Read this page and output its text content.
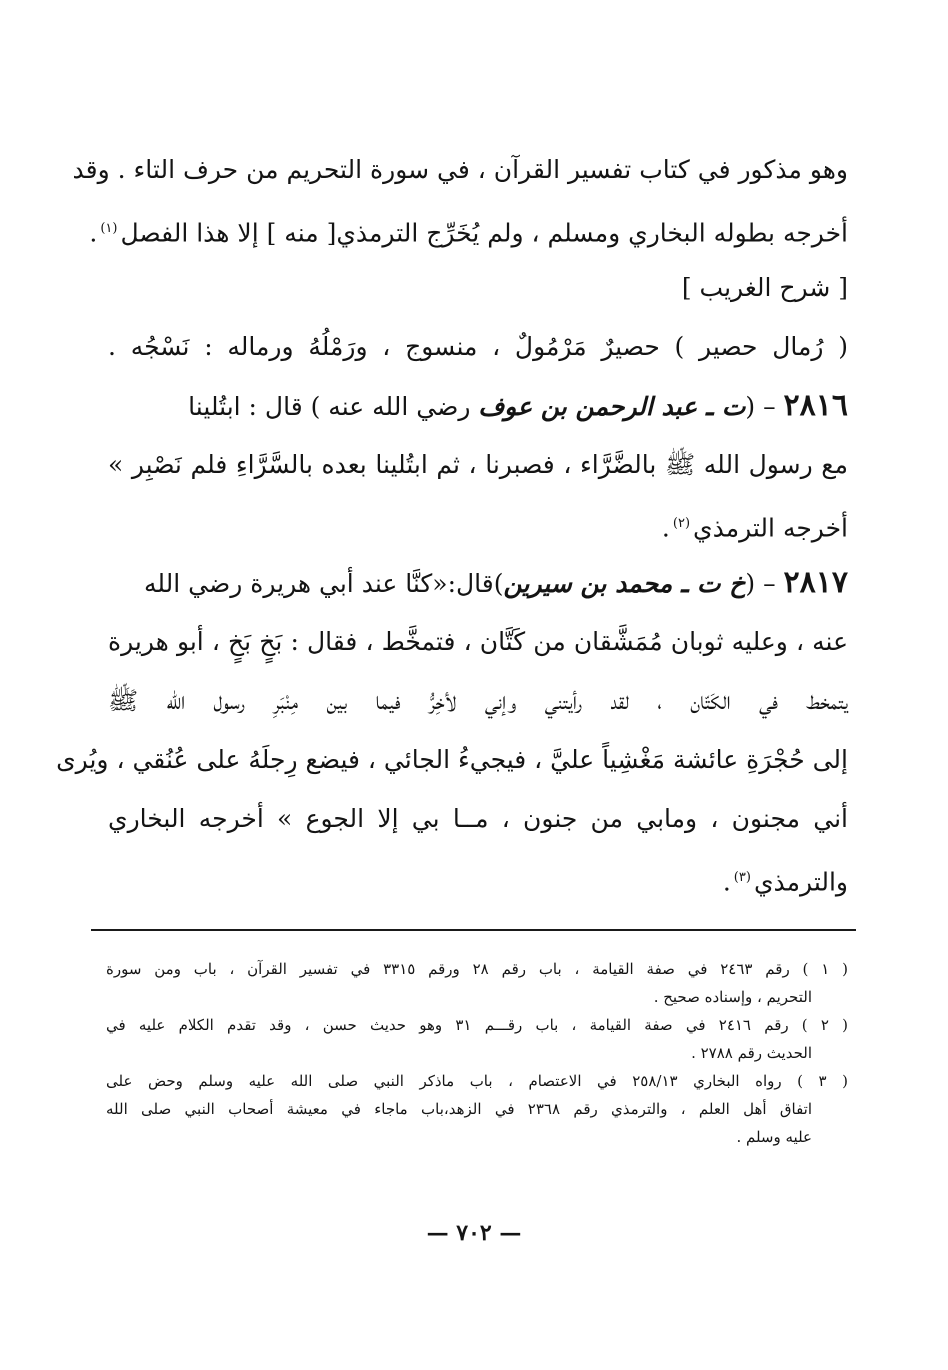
وهو مذكور في كتاب تفسير القرآن ، في سورة التحريم من حرف التاء . وقد
أخرجه بطوله البخاري ومسلم ، ولم يُخَرِّج الترمذي[ منه ] إلا هذا الفصل$^{(١)}$.
[ شرح الغريب ]
( رُمال حصير ) حصيرٌ مَرْمُولٌ ، منسوج ، ورَمْلُهُ ورماله : نَسْجُه .
٢٨١٦ – (ت ـ عبد الرحمن بن عوف رضي الله عنه ) قال : ابتُلينا
مع رسول الله ﷺ بالضَّرَّاء ، فصبرنا ، ثم ابتُلينا بعده بالسَّرَّاءِ فلم نَصْبِر »
أخرجه الترمذي$^{(٢)}$.
٢٨١٧ – (خ ت ـ محمد بن سيرين)قال:«كنَّا عند أبي هريرة رضي الله
عنه ، وعليه ثوبان مُمَشَّقان من كَتَّان ، فتمخَّط ، فقال : بَخٍ بَخٍ ، أبو هريرة
يتمخط في الكَتّان ، لقد رأيتني وإني لأخِرُّ فيما بين مِنْبَرِ رسول الله ﷺ
إلى حُجْرَةِ عائشة مَغْشِياً عليَّ ، فيجيءُ الجائي ، فيضع رِجلَهُ على عُنُقي ، ويُرى
أني مجنون ، ومابي من جنون ، مــا بي إلا الجوع » أخرجه البخاري
والترمذي$^{(٣)}$.
( ١ ) رقم ٢٤٦٣ في صفة القيامة ، باب رقم ٢٨ ورقم ٣٣١٥ في تفسير القرآن ، باب ومن سورة
التحريم ، وإسناده صحيح .
( ٢ ) رقم ٢٤١٦ في صفة القيامة ، باب رقـــم ٣١ وهو حديث حسن ، وقد تقدم الكلام عليه في
الحديث رقم ٢٧٨٨ .
( ٣ ) رواه البخاري ٢٥٨/١٣ في الاعتصام ، باب ماذكر النبي صلى الله عليه وسلم وحض على
اتفاق أهل العلم ، والترمذي رقم ٢٣٦٨ في الزهد،باب ماجاء في معيشة أصحاب النبي صلى الله
عليه وسلم .
— ٧٠٢ —
